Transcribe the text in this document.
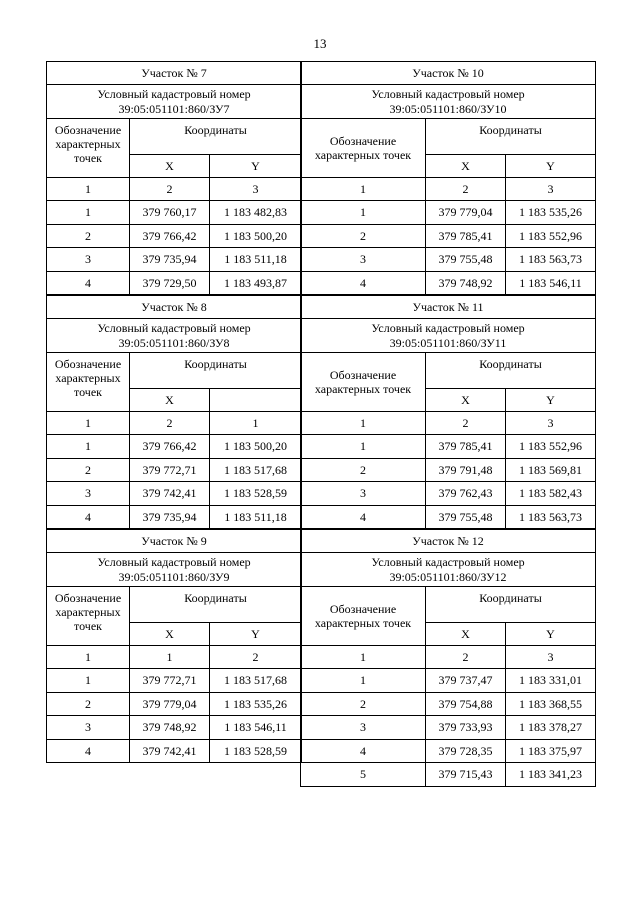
13
Участок № 7		

Условный кадастровый номер
39:05:051101:860/ЗУ7		

Обозначение характерных точек	Координаты	
	X	Y
1	2	3
1	379 760,17	1 183 482,83
2	379 766,42	1 183 500,20
3	379 735,94	1 183 511,18
4	379 729,50	1 183 493,87
Участок № 8		

Условный кадастровый номер
39:05:051101:860/ЗУ8		

Обозначение характерных точек	Координаты	
	X	
1	2	1
1	379 766,42	1 183 500,20
2	379 772,71	1 183 517,68
3	379 742,41	1 183 528,59
4	379 735,94	1 183 511,18
Участок № 9		

Условный кадастровый номер
39:05:051101:860/ЗУ9		

Обозначение характерных точек	Координаты	
	X	Y
1	1	2
1	379 772,71	1 183 517,68
2	379 779,04	1 183 535,26
3	379 748,92	1 183 546,11
4	379 742,41	1 183 528,59
Участок № 10		

Условный кадастровый номер
39:05:051101:860/ЗУ10		

Обозначение характерных точек	Координаты	
	X	Y
1	2	3
1	379 779,04	1 183 535,26
2	379 785,41	1 183 552,96
3	379 755,48	1 183 563,73
4	379 748,92	1 183 546,11
Участок № 11		

Условный кадастровый номер
39:05:051101:860/ЗУ11		

Обозначение характерных точек	Координаты	
	X	Y
1	2	3
1	379 785,41	1 183 552,96
2	379 791,48	1 183 569,81
3	379 762,43	1 183 582,43
4	379 755,48	1 183 563,73
Участок № 12		

Условный кадастровый номер
39:05:051101:860/ЗУ12		

Обозначение характерных точек	Координаты	
	X	Y
1	2	3
1	379 737,47	1 183 331,01
2	379 754,88	1 183 368,55
3	379 733,93	1 183 378,27
4	379 728,35	1 183 375,97
5	379 715,43	1 183 341,23
